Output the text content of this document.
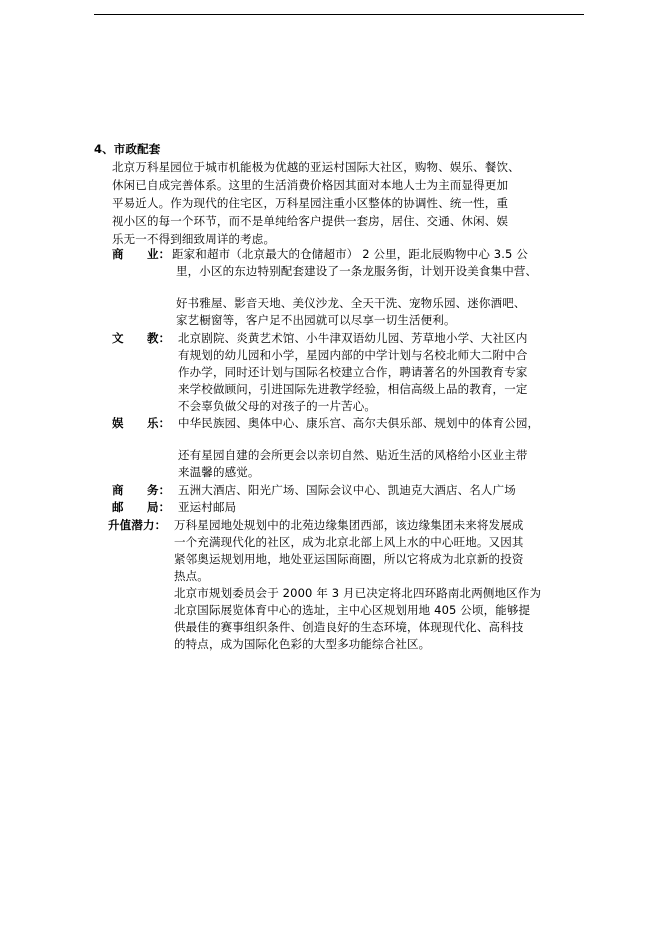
4、市政配套
北京万科星园位于城市机能极为优越的亚运村国际大社区，购物、娱乐、餐饮、
休闲已自成完善体系。这里的生活消费价格因其面对本地人士为主而显得更加
平易近人。作为现代的住宅区，万科星园注重小区整体的协调性、统一性，重
视小区的每一个环节，而不是单纯给客户提供一套房，居住、交通、休闲、娱
乐无一不得到细致周详的考虑。
商　　业： 距家和超市（北京最大的仓储超市） 2 公里，距北辰购物中心 3.5 公
里，小区的东边特别配套建设了一条龙服务街，计划开设美食集中营、
好书雅屋、影音天地、美仪沙龙、全天干洗、宠物乐园、迷你酒吧、
家艺橱窗等，客户足不出园就可以尽享一切生活便利。
文　　教： 北京剧院、炎黄艺术馆、小牛津双语幼儿园、芳草地小学、大社区内
有规划的幼儿园和小学，星园内部的中学计划与名校北师大二附中合
作办学，同时还计划与国际名校建立合作，聘请著名的外国教育专家
来学校做顾问，引进国际先进教学经验，相信高级上品的教育，一定
不会辜负做父母的对孩子的一片苦心。
娱　　乐： 中华民族园、奥体中心、康乐宫、高尔夫俱乐部、规划中的体育公园，
还有星园自建的会所更会以亲切自然、贴近生活的风格给小区业主带
来温馨的感觉。
商　　务： 五洲大酒店、阳光广场、国际会议中心、凯迪克大酒店、名人广场
邮　　局： 亚运村邮局
升值潜力： 万科星园地处规划中的北苑边缘集团西部，该边缘集团未来将发展成
一个充满现代化的社区，成为北京北部上风上水的中心旺地。又因其
紧邻奥运规划用地，地处亚运国际商圈，所以它将成为北京新的投资
热点。
北京市规划委员会于 2000 年 3 月已决定将北四环路南北两侧地区作为
北京国际展览体育中心的选址，主中心区规划用地 405 公顷，能够提
供最佳的赛事组织条件、创造良好的生态环境，体现现代化、高科技
的特点，成为国际化色彩的大型多功能综合社区。
